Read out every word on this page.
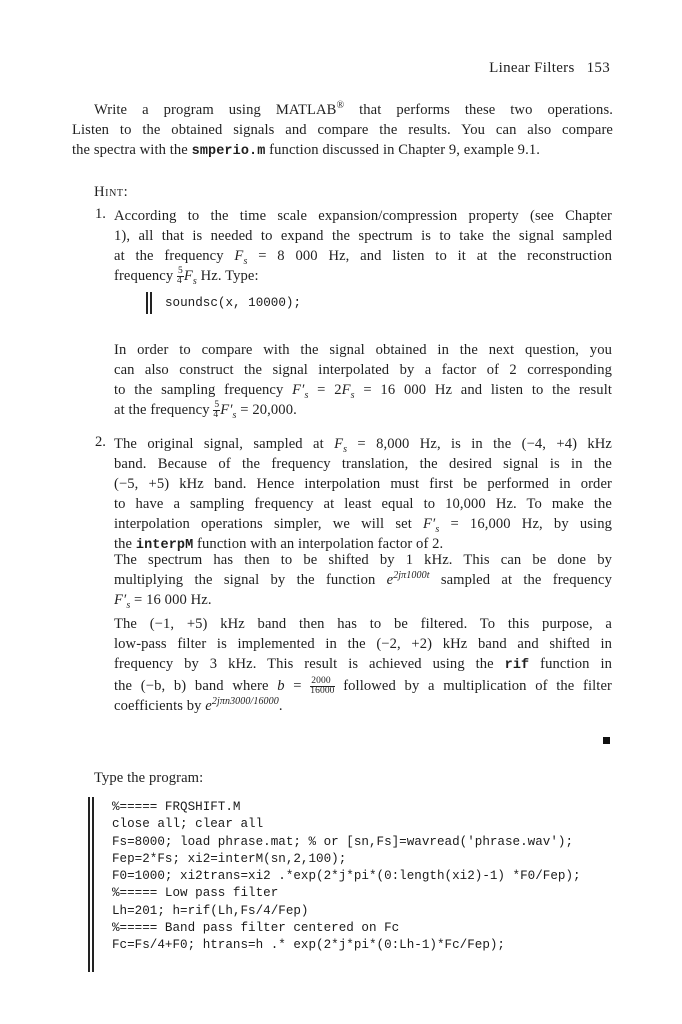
Linear Filters 153
Write a program using MATLAB® that performs these two operations.
Listen to the obtained signals and compare the results. You can also compare
the spectra with the smperio.m function discussed in Chapter 9, example 9.1.
Hint:
1. According to the time scale expansion/compression property (see Chapter
1), all that is needed to expand the spectrum is to take the signal sampled
at the frequency $F_s = 8$ 000 Hz, and listen to it at the reconstruction
frequency $\frac{5}{4} F_s$ Hz. Type:
soundsc(x, 10000);
In order to compare with the signal obtained in the next question, you
can also construct the signal interpolated by a factor of 2 corresponding
to the sampling frequency $F'_s = 2F_s = 16$ 000 Hz and listen to the result
at the frequency $\frac{5}{4} F'_s = 20,000$.
2. The original signal, sampled at $F_s = 8,000$ Hz, is in the (−4, +4) kHz
band. Because of the frequency translation, the desired signal is in the
(−5, +5) kHz band. Hence interpolation must first be performed in order
to have a sampling frequency at least equal to 10,000 Hz. To make the
interpolation operations simpler, we will set $F'_s = 16,000$ Hz, by using
the interpM function with an interpolation factor of 2.
The spectrum has then to be shifted by 1 kHz. This can be done by
multiplying the signal by the function $e^{2j\pi 1000t}$ sampled at the frequency
$F'_s = 16$ 000 Hz.
The (−1, +5) kHz band then has to be filtered. To this purpose, a
low-pass filter is implemented in the (−2, +2) kHz band and shifted in
frequency by 3 kHz. This result is achieved using the rif function in
the (−b, b) band where $b = \frac{2000}{16000}$ followed by a multiplication of the filter
coefficients by $e^{2j\pi n3000/16000}$.
Type the program:
%===== FRQSHIFT.M
close all; clear all
Fs=8000; load phrase.mat; % or [sn,Fs]=wavread('phrase.wav');
Fep=2*Fs; xi2=interM(sn,2,100);
F0=1000; xi2trans=xi2 .*exp(2*j*pi*(0:length(xi2)-1) *F0/Fep);
%===== Low pass filter
Lh=201; h=rif(Lh,Fs/4/Fep)
%===== Band pass filter centered on Fc
Fc=Fs/4+F0; htrans=h .* exp(2*j*pi*(0:Lh-1)*Fc/Fep);
